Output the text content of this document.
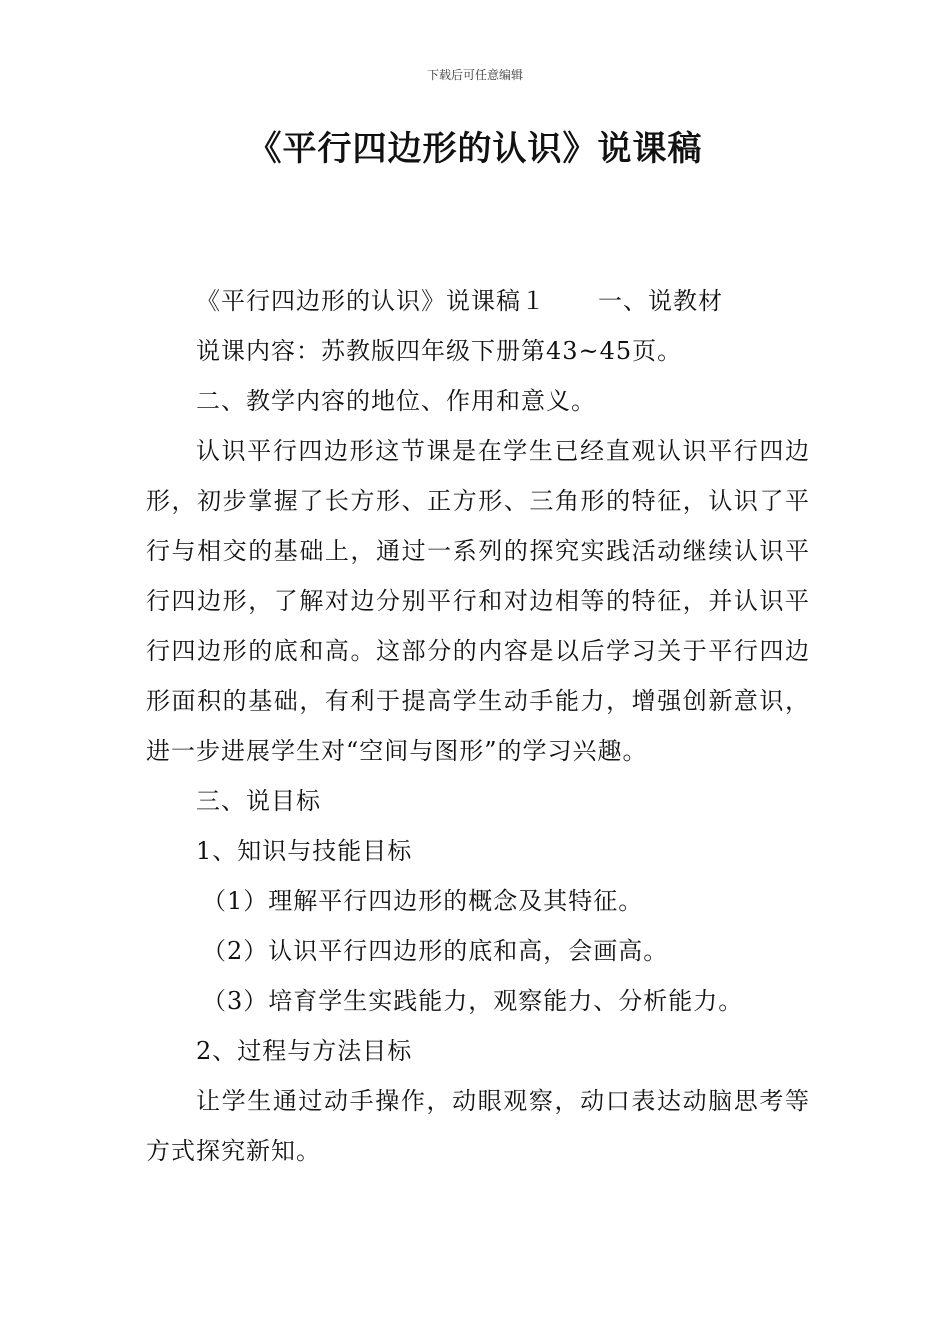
下载后可任意编辑
《平行四边形的认识》说课稿

《平行四边形的认识》说课稿１ 一、说教材

说课内容：苏教版四年级下册第43~45页。

二、教学内容的地位、作用和意义。

认识平行四边形这节课是在学生已经直观认识平行四边形，初步掌握了长方形、正方形、三角形的特征，认识了平行与相交的基础上，通过一系列的探究实践活动继续认识平行四边形，了解对边分别平行和对边相等的特征，并认识平行四边形的底和高。这部分的内容是以后学习关于平行四边形面积的基础，有利于提高学生动手能力，增强创新意识，进一步进展学生对“空间与图形”的学习兴趣。

三、说目标

1、知识与技能目标

（1）理解平行四边形的概念及其特征。

（2）认识平行四边形的底和高，会画高。

（3）培育学生实践能力，观察能力、分析能力。

2、过程与方法目标

让学生通过动手操作，动眼观察，动口表达动脑思考等方式探究新知。
